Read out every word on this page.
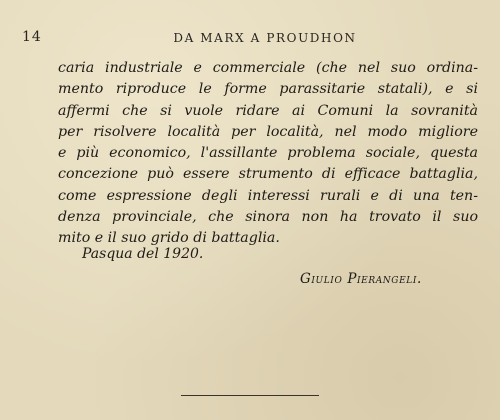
14	DA MARX A PROUDHON

caria industriale e commerciale (che nel suo ordina-
mento riproduce le forme parassitarie statali), e si
affermi che si vuole ridare ai Comuni la sovranità
per risolvere località per località, nel modo migliore
e più economico, l'assillante problema sociale, questa
concezione può essere strumento di efficace battaglia,
come espressione degli interessi rurali e di una ten-
denza provinciale, che sinora non ha trovato il suo
mito e il suo grido di battaglia.

Pasqua del 1920.
Giulio Pierangeli.
